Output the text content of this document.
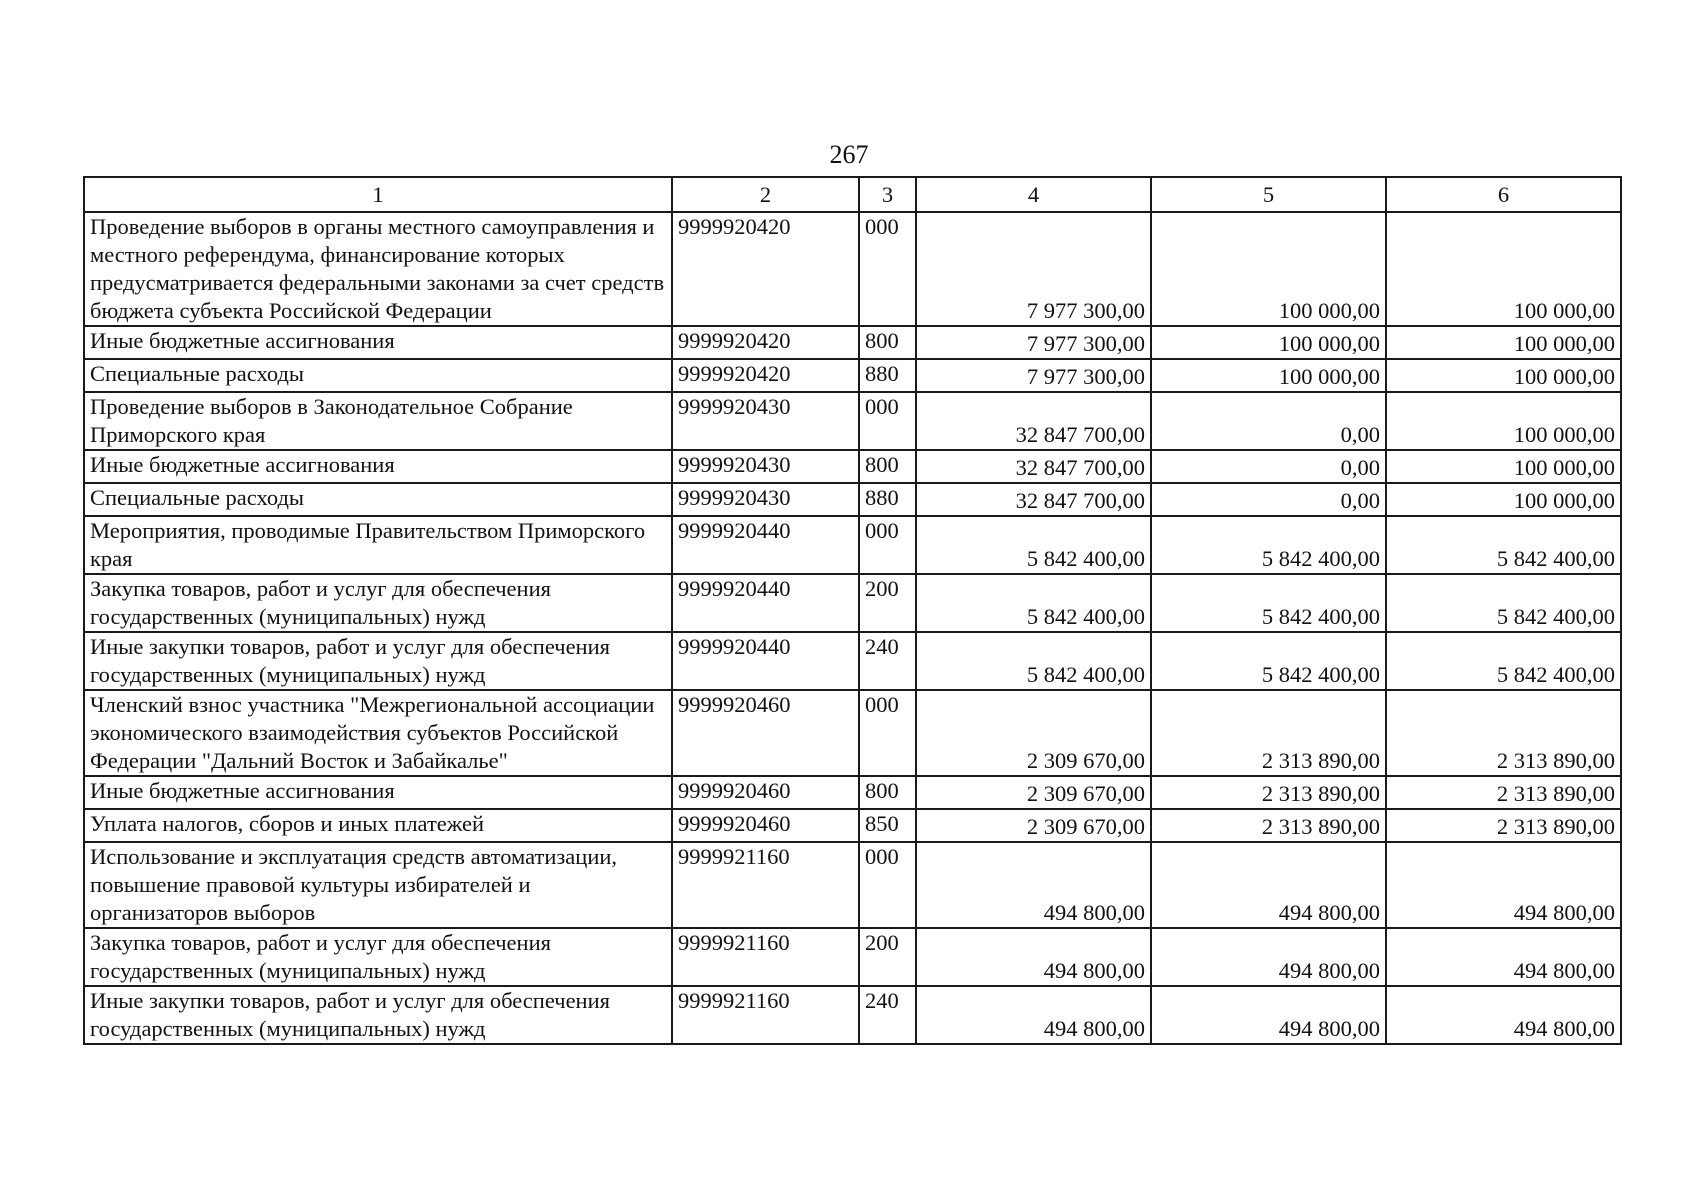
267
1	2	3	4	5	6
Проведение выборов в органы местного самоуправления и местного референдума, финансирование которых предусматривается федеральными законами за счет средств бюджета субъекта Российской Федерации	9999920420	000	7 977 300,00	100 000,00	100 000,00
Иные бюджетные ассигнования	9999920420	800	7 977 300,00	100 000,00	100 000,00
Специальные расходы	9999920420	880	7 977 300,00	100 000,00	100 000,00
Проведение выборов в Законодательное Собрание Приморского края	9999920430	000	32 847 700,00	0,00	100 000,00
Иные бюджетные ассигнования	9999920430	800	32 847 700,00	0,00	100 000,00
Специальные расходы	9999920430	880	32 847 700,00	0,00	100 000,00
Мероприятия, проводимые Правительством Приморского края	9999920440	000	5 842 400,00	5 842 400,00	5 842 400,00
Закупка товаров, работ и услуг для обеспечения государственных (муниципальных) нужд	9999920440	200	5 842 400,00	5 842 400,00	5 842 400,00
Иные закупки товаров, работ и услуг для обеспечения государственных (муниципальных) нужд	9999920440	240	5 842 400,00	5 842 400,00	5 842 400,00
Членский взнос участника "Межрегиональной ассоциации экономического взаимодействия субъектов Российской Федерации "Дальний Восток и Забайкалье"	9999920460	000	2 309 670,00	2 313 890,00	2 313 890,00
Иные бюджетные ассигнования	9999920460	800	2 309 670,00	2 313 890,00	2 313 890,00
Уплата налогов, сборов и иных платежей	9999920460	850	2 309 670,00	2 313 890,00	2 313 890,00
Использование и эксплуатация средств автоматизации, повышение правовой культуры избирателей и организаторов выборов	9999921160	000	494 800,00	494 800,00	494 800,00
Закупка товаров, работ и услуг для обеспечения государственных (муниципальных) нужд	9999921160	200	494 800,00	494 800,00	494 800,00
Иные закупки товаров, работ и услуг для обеспечения государственных (муниципальных) нужд	9999921160	240	494 800,00	494 800,00	494 800,00
